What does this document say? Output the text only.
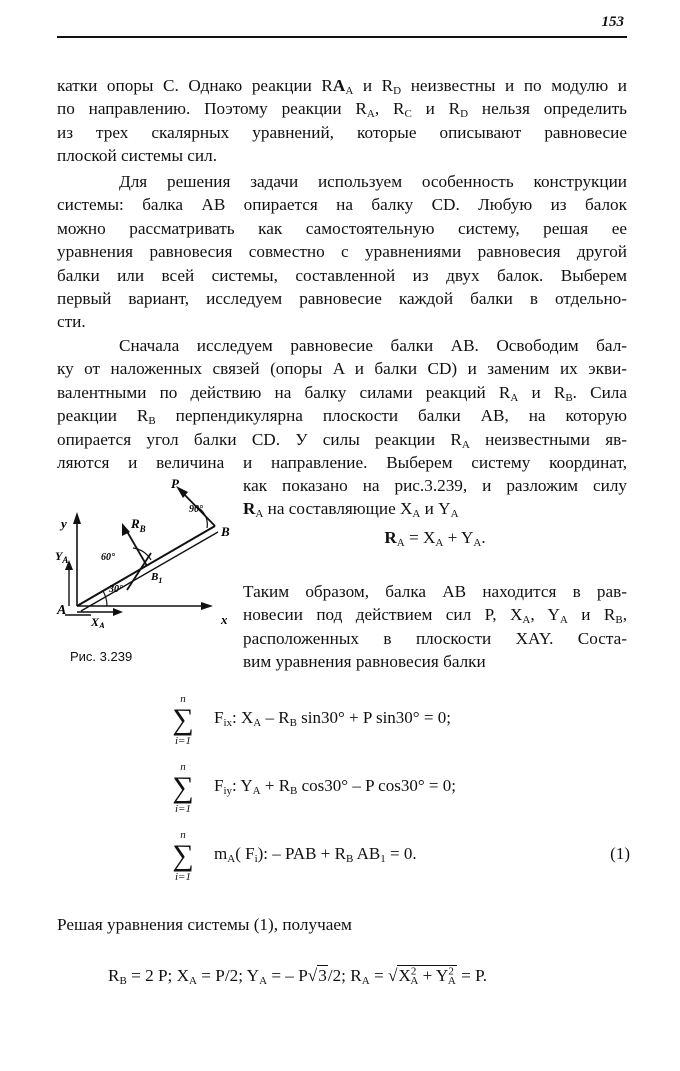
153
катки опоры С. Однако реакции $RA_A$ и $R_D$ неизвестны и по модулю и
по направлению. Поэтому реакции $R_A$, $R_C$ и $R_D$ нельзя определить
из трех скалярных уравнений, которые описывают равновесие
плоской системы сил.
Для решения задачи используем особенность конструкции
системы: балка AB опирается на балку CD. Любую из балок
можно рассматривать как самостоятельную систему, решая ее
уравнения равновесия совместно с уравнениями равновесия другой
балки или всей системы, составленной из двух балок. Выберем
первый вариант, исследуем равновесие каждой балки в отдельно-
сти.
Сначала исследуем равновесие балки AB. Освободим бал-
ку от наложенных связей (опоры A и балки CD) и заменим их экви-
валентными по действию на балку силами реакций $R_A$ и $R_B$. Сила
реакции $R_B$ перпендикулярна плоскости балки AB, на которую
опирается угол балки CD. У силы реакции $R_A$ неизвестными яв-
ляются и величина и направление. Выберем систему координат,
как показано на рис.3.239, и разложим силу
$R_A$ на составляющие $X_A$ и $Y_A$
$R_A = X_A + Y_A$.
Таким образом, балка AB находится в рав-
новесии под действием сил P, $X_A$, $Y_A$ и $R_B$,
расположенных в плоскости XAY. Соста-
вим уравнения равновесия балки
A
B
P
$R_B$
y
x
$X_A$
$Y_A$
30°
60°
90°
$B_1$
Рис. 3.239
n
∑
i=1
$F_{ix}$: $X_A - R_B$ sin30° + P sin30° = 0;
n
∑
i=1
$F_{iy}$: $Y_A + R_B$ cos30° – P cos30° = 0;
n
∑
i=1
$m_A$( $F_i$): – PAB + $R_B$ $AB_1 = 0$.	(1)
Решая уравнения системы (1), получаем
$R_B = 2$ P; $X_A = P/2$; $Y_A$ = – P√3/2; $R_A = √X^2_A + Y^2_A = P$.
